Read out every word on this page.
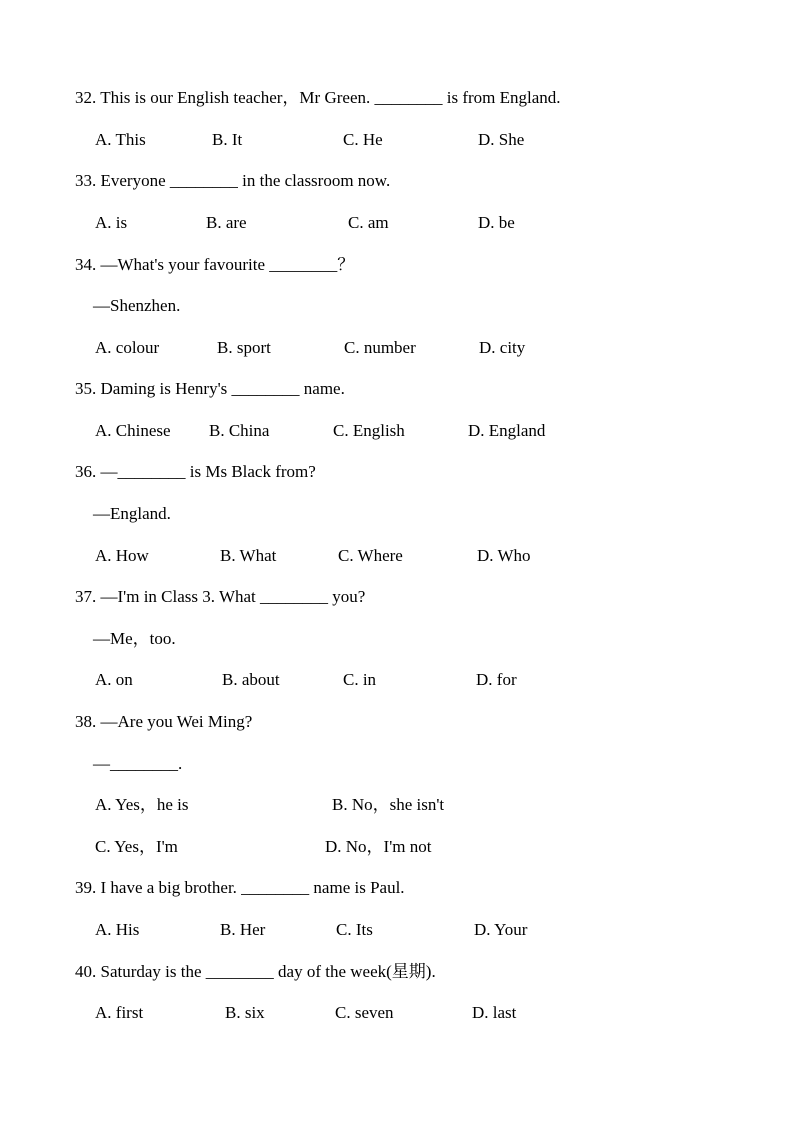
32. This is our English teacher，Mr Green. ________ is from England.
A. This	B. It	C. He	D. She
33. Everyone ________ in the classroom now.
A. is	B. are	C. am	D. be
34. —What's your favourite ________？
—Shenzhen.
A. colour	B. sport	C. number	D. city
35. Daming is Henry's ________ name.
A. Chinese B. China	C. English	D. England
36. —________ is Ms Black from?
—England.
A. How	B. What	C. Where	D. Who
37. —I'm in Class 3. What ________ you?
—Me，too.
A. on	B. about	C. in	D. for
38. —Are you Wei Ming?
—________.
A. Yes，he is	B. No，she isn't
C. Yes，I'm	D. No，I'm not
39. I have a big brother. ________ name is Paul.
A. His	B. Her	C. Its	D. Your
40. Saturday is the ________ day of the week(星期).
A. first	B. six	C. seven	D. last
